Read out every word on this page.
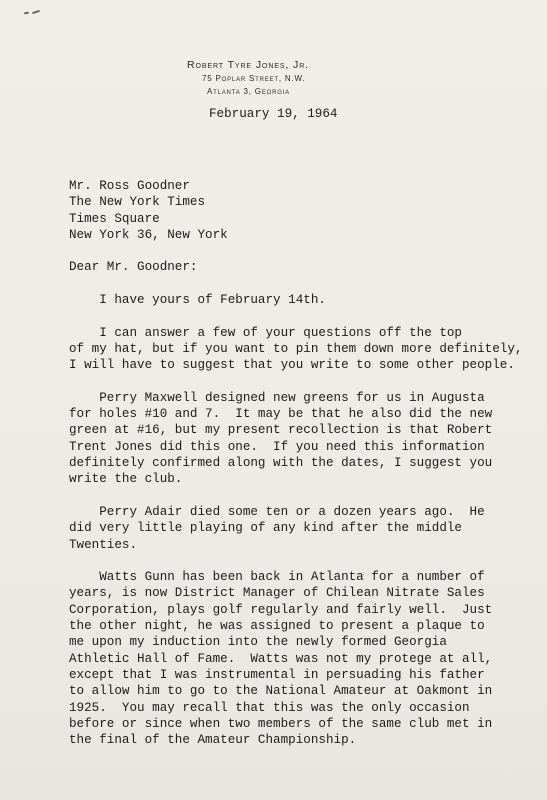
Robert Tyre Jones, Jr.
75 Poplar Street, N.W.
Atlanta 3, Georgia
February 19, 1964
Mr. Ross Goodner
The New York Times
Times Square
New York 36, New York
Dear Mr. Goodner:
I have yours of February 14th.
I can answer a few of your questions off the top
of my hat, but if you want to pin them down more definitely,
I will have to suggest that you write to some other people.
Perry Maxwell designed new greens for us in Augusta
for holes #10 and 7.  It may be that he also did the new
green at #16, but my present recollection is that Robert
Trent Jones did this one.  If you need this information
definitely confirmed along with the dates, I suggest you
write the club.
Perry Adair died some ten or a dozen years ago.  He
did very little playing of any kind after the middle
Twenties.
Watts Gunn has been back in Atlanta for a number of
years, is now District Manager of Chilean Nitrate Sales
Corporation, plays golf regularly and fairly well.  Just
the other night, he was assigned to present a plaque to
me upon my induction into the newly formed Georgia
Athletic Hall of Fame.  Watts was not my protege at all,
except that I was instrumental in persuading his father
to allow him to go to the National Amateur at Oakmont in
1925.  You may recall that this was the only occasion
before or since when two members of the same club met in
the final of the Amateur Championship.
